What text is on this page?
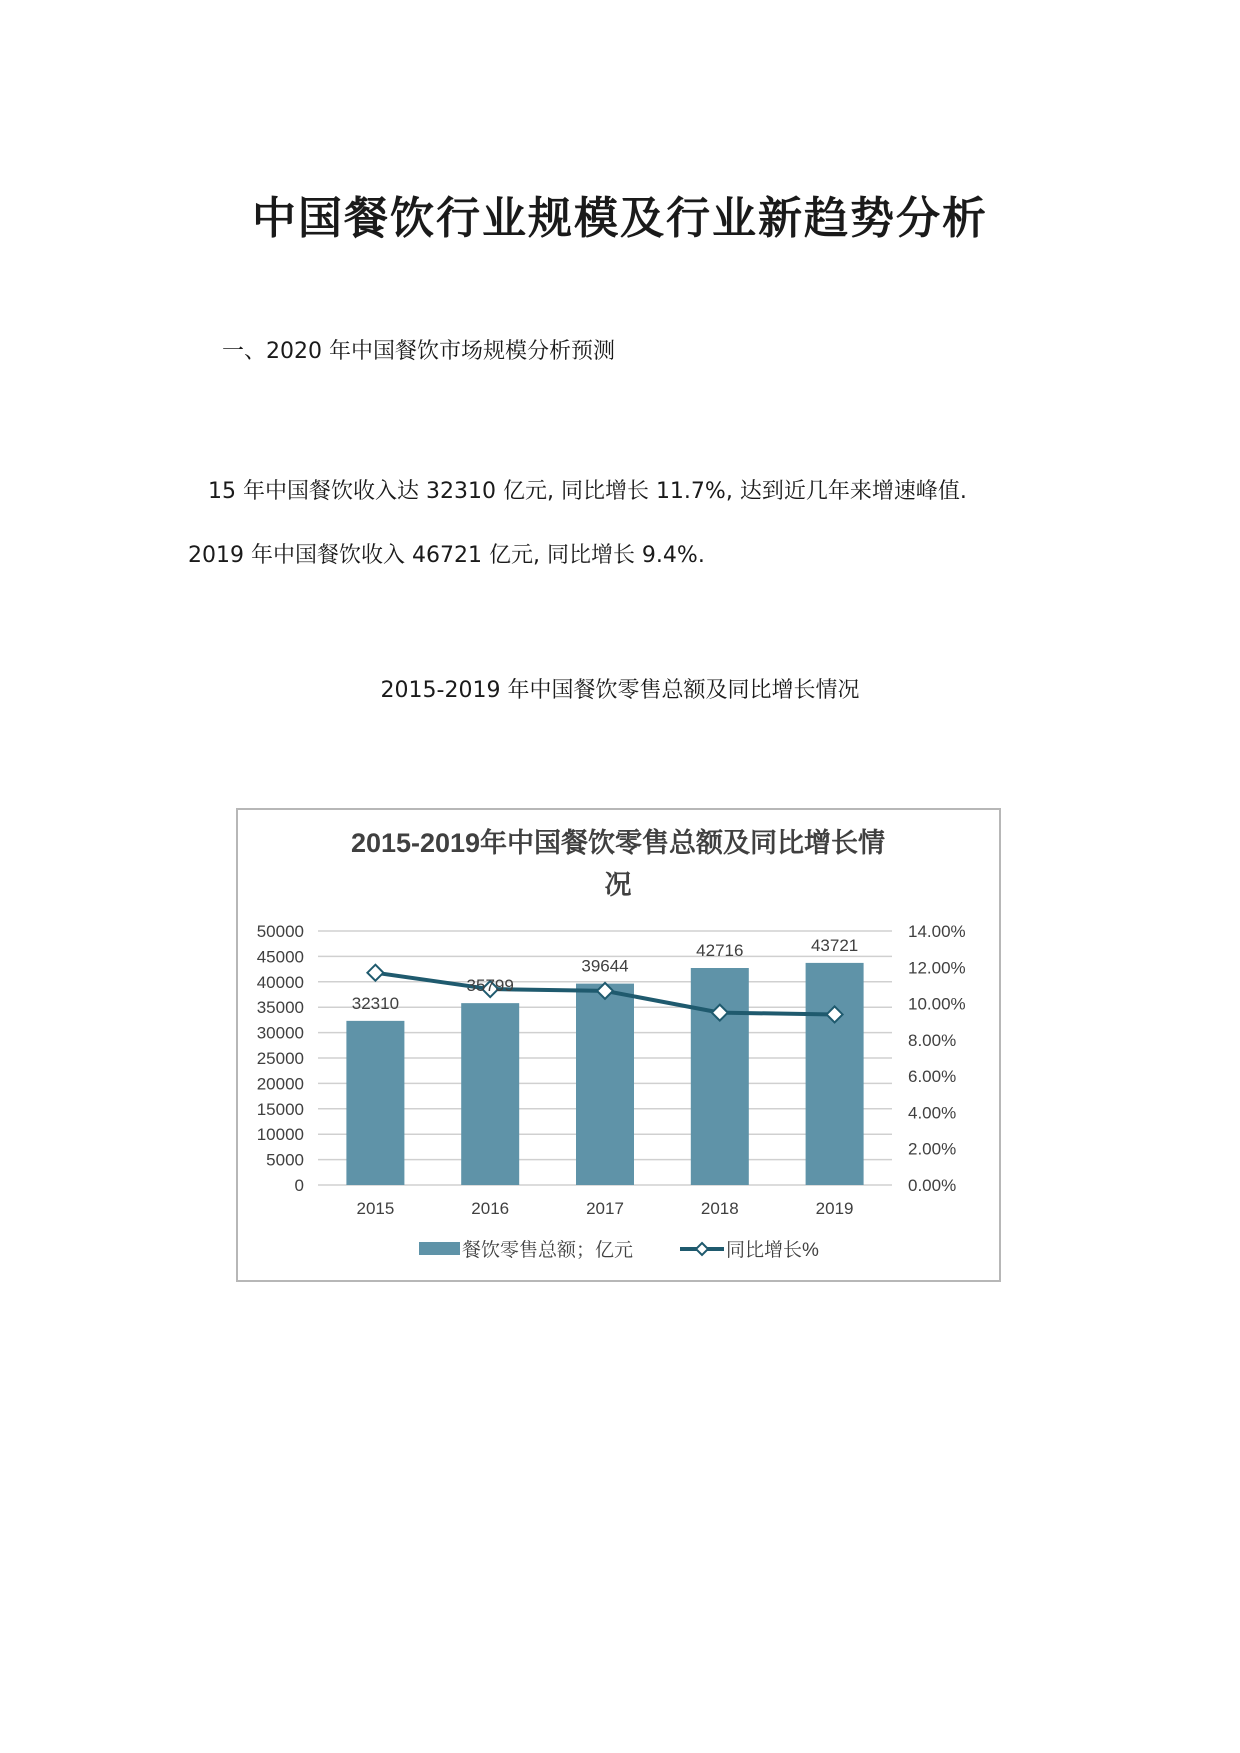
中国餐饮行业规模及行业新趋势分析

一、2020 年中国餐饮市场规模分析预测

15 年中国餐饮收入达 32310 亿元, 同比增长 11.7%, 达到近几年来增速峰值.

2019 年中国餐饮收入 46721 亿元, 同比增长 9.4%.

2015-2019 年中国餐饮零售总额及同比增长情况

2015-2019年中国餐饮零售总额及同比增长情
况
32310
35799
39644
42716	43721
0
5000
10000
15000
20000
25000
30000
35000
40000
45000
50000
0.00%
2.00%
4.00%
6.00%
8.00%
10.00%
12.00%
14.00%
2015	2016	2017	2018	2019
餐饮零售总额；亿元	同比增长%
